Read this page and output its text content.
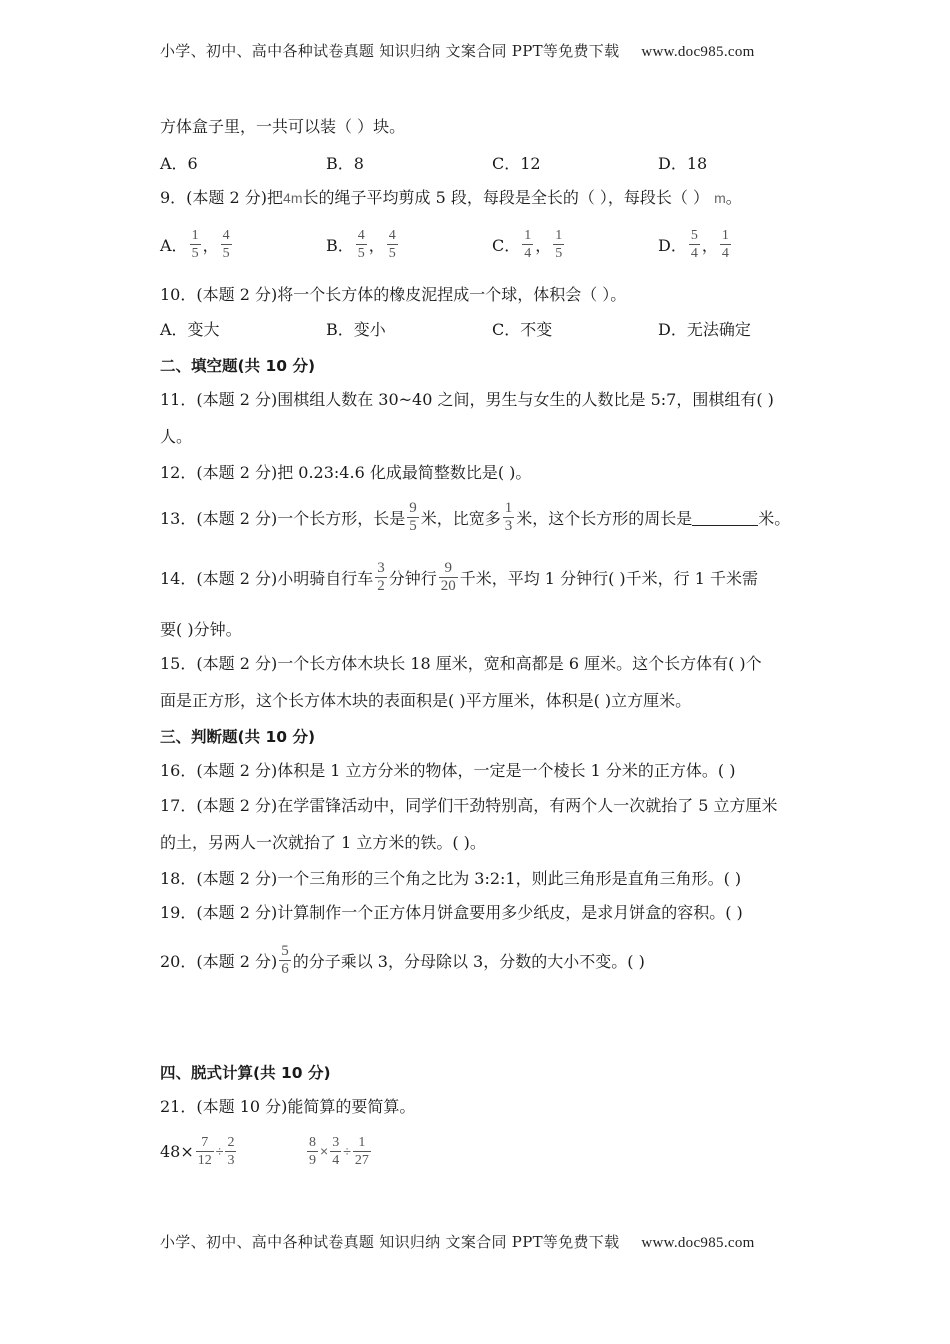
小学、初中、高中各种试卷真题 知识归纳 文案合同 PPT等免费下载 www.doc985.com
方体盒子里，一共可以装（ ）块。
A．6	B．8	C．12	D．18
9．(本题 2 分)把4m长的绳子平均剪成 5 段，每段是全长的（ ），每段长（ ） m。
A． $\frac{1}{5}$ ， $\frac{4}{5}$	B． $\frac{4}{5}$ ， $\frac{4}{5}$	C． $\frac{1}{4}$ ， $\frac{1}{5}$	D． $\frac{5}{4}$ ， $\frac{1}{4}$
10．(本题 2 分)将一个长方体的橡皮泥捏成一个球，体积会（ ）。
A．变大	B．变小	C．不变	D．无法确定
二、填空题(共 10 分)
11．(本题 2 分)围棋组人数在 30~40 之间，男生与女生的人数比是 5:7，围棋组有( )
人。
12．(本题 2 分)把 0.23:4.6 化成最简整数比是( )。
13．(本题 2 分)一个长方形，长是 $\frac{9}{5}$ 米，比宽多 $\frac{1}{3}$ 米，这个长方形的周长是	米。
14．(本题 2 分)小明骑自行车 $\frac{3}{2}$ 分钟行 $\frac{9}{20}$ 千米，平均 1 分钟行( )千米，行 1 千米需
要( )分钟。
15．(本题 2 分)一个长方体木块长 18 厘米，宽和高都是 6 厘米。这个长方体有( )个
面是正方形，这个长方体木块的表面积是( )平方厘米，体积是( )立方厘米。
三、判断题(共 10 分)
16．(本题 2 分)体积是 1 立方分米的物体，一定是一个棱长 1 分米的正方体。( )
17．(本题 2 分)在学雷锋活动中，同学们干劲特别高，有两个人一次就抬了 5 立方厘米
的土，另两人一次就抬了 1 立方米的铁。( )。
18．(本题 2 分)一个三角形的三个角之比为 3:2:1，则此三角形是直角三角形。( )
19．(本题 2 分)计算制作一个正方体月饼盒要用多少纸皮，是求月饼盒的容积。( )
20．(本题 2 分) $\frac{5}{6}$ 的分子乘以 3，分母除以 3，分数的大小不变。( )
四、脱式计算(共 10 分)
21．(本题 10 分)能简算的要简算。
$48\times \frac{7}{12} \div \frac{2}{3}$	$\frac{8}{9} \times \frac{3}{4} \div \frac{1}{27}$
小学、初中、高中各种试卷真题 知识归纳 文案合同 PPT等免费下载 www.doc985.com
